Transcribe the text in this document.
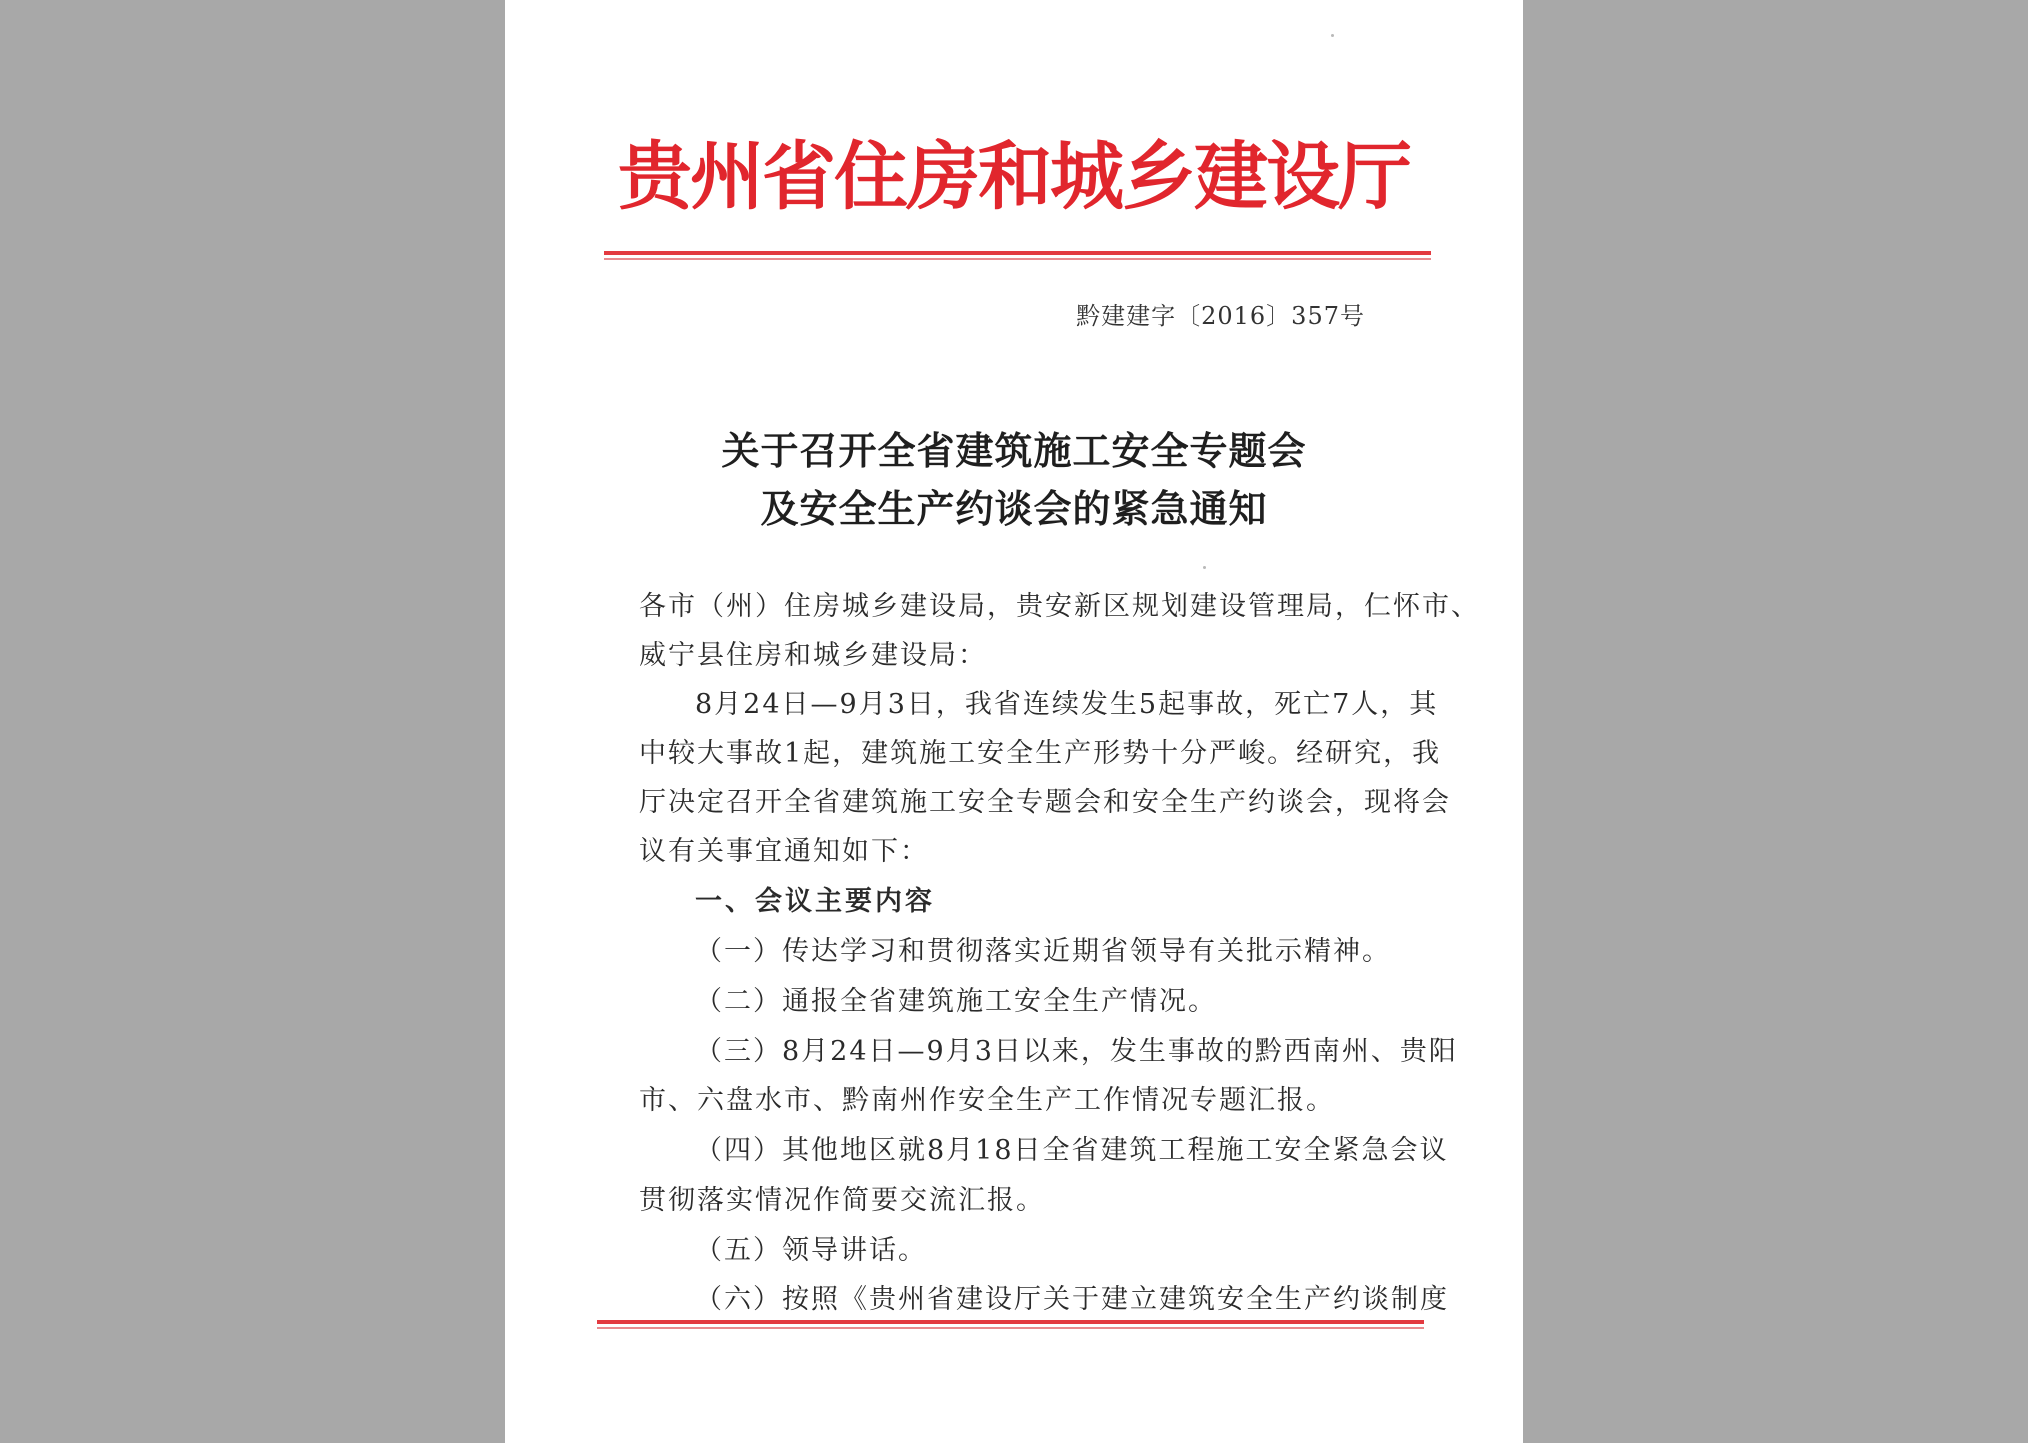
贵州省住房和城乡建设厅
黔建建字〔2016〕357号
关于召开全省建筑施工安全专题会
及安全生产约谈会的紧急通知
各市（州）住房城乡建设局，贵安新区规划建设管理局，仁怀市、
威宁县住房和城乡建设局：
8月24日—9月3日，我省连续发生5起事故，死亡7人，其
中较大事故1起，建筑施工安全生产形势十分严峻。经研究，我
厅决定召开全省建筑施工安全专题会和安全生产约谈会，现将会
议有关事宜通知如下：
一、会议主要内容
（一）传达学习和贯彻落实近期省领导有关批示精神。
（二）通报全省建筑施工安全生产情况。
（三）8月24日—9月3日以来，发生事故的黔西南州、贵阳
市、六盘水市、黔南州作安全生产工作情况专题汇报。
（四）其他地区就8月18日全省建筑工程施工安全紧急会议
贯彻落实情况作简要交流汇报。
（五）领导讲话。
（六）按照《贵州省建设厅关于建立建筑安全生产约谈制度
